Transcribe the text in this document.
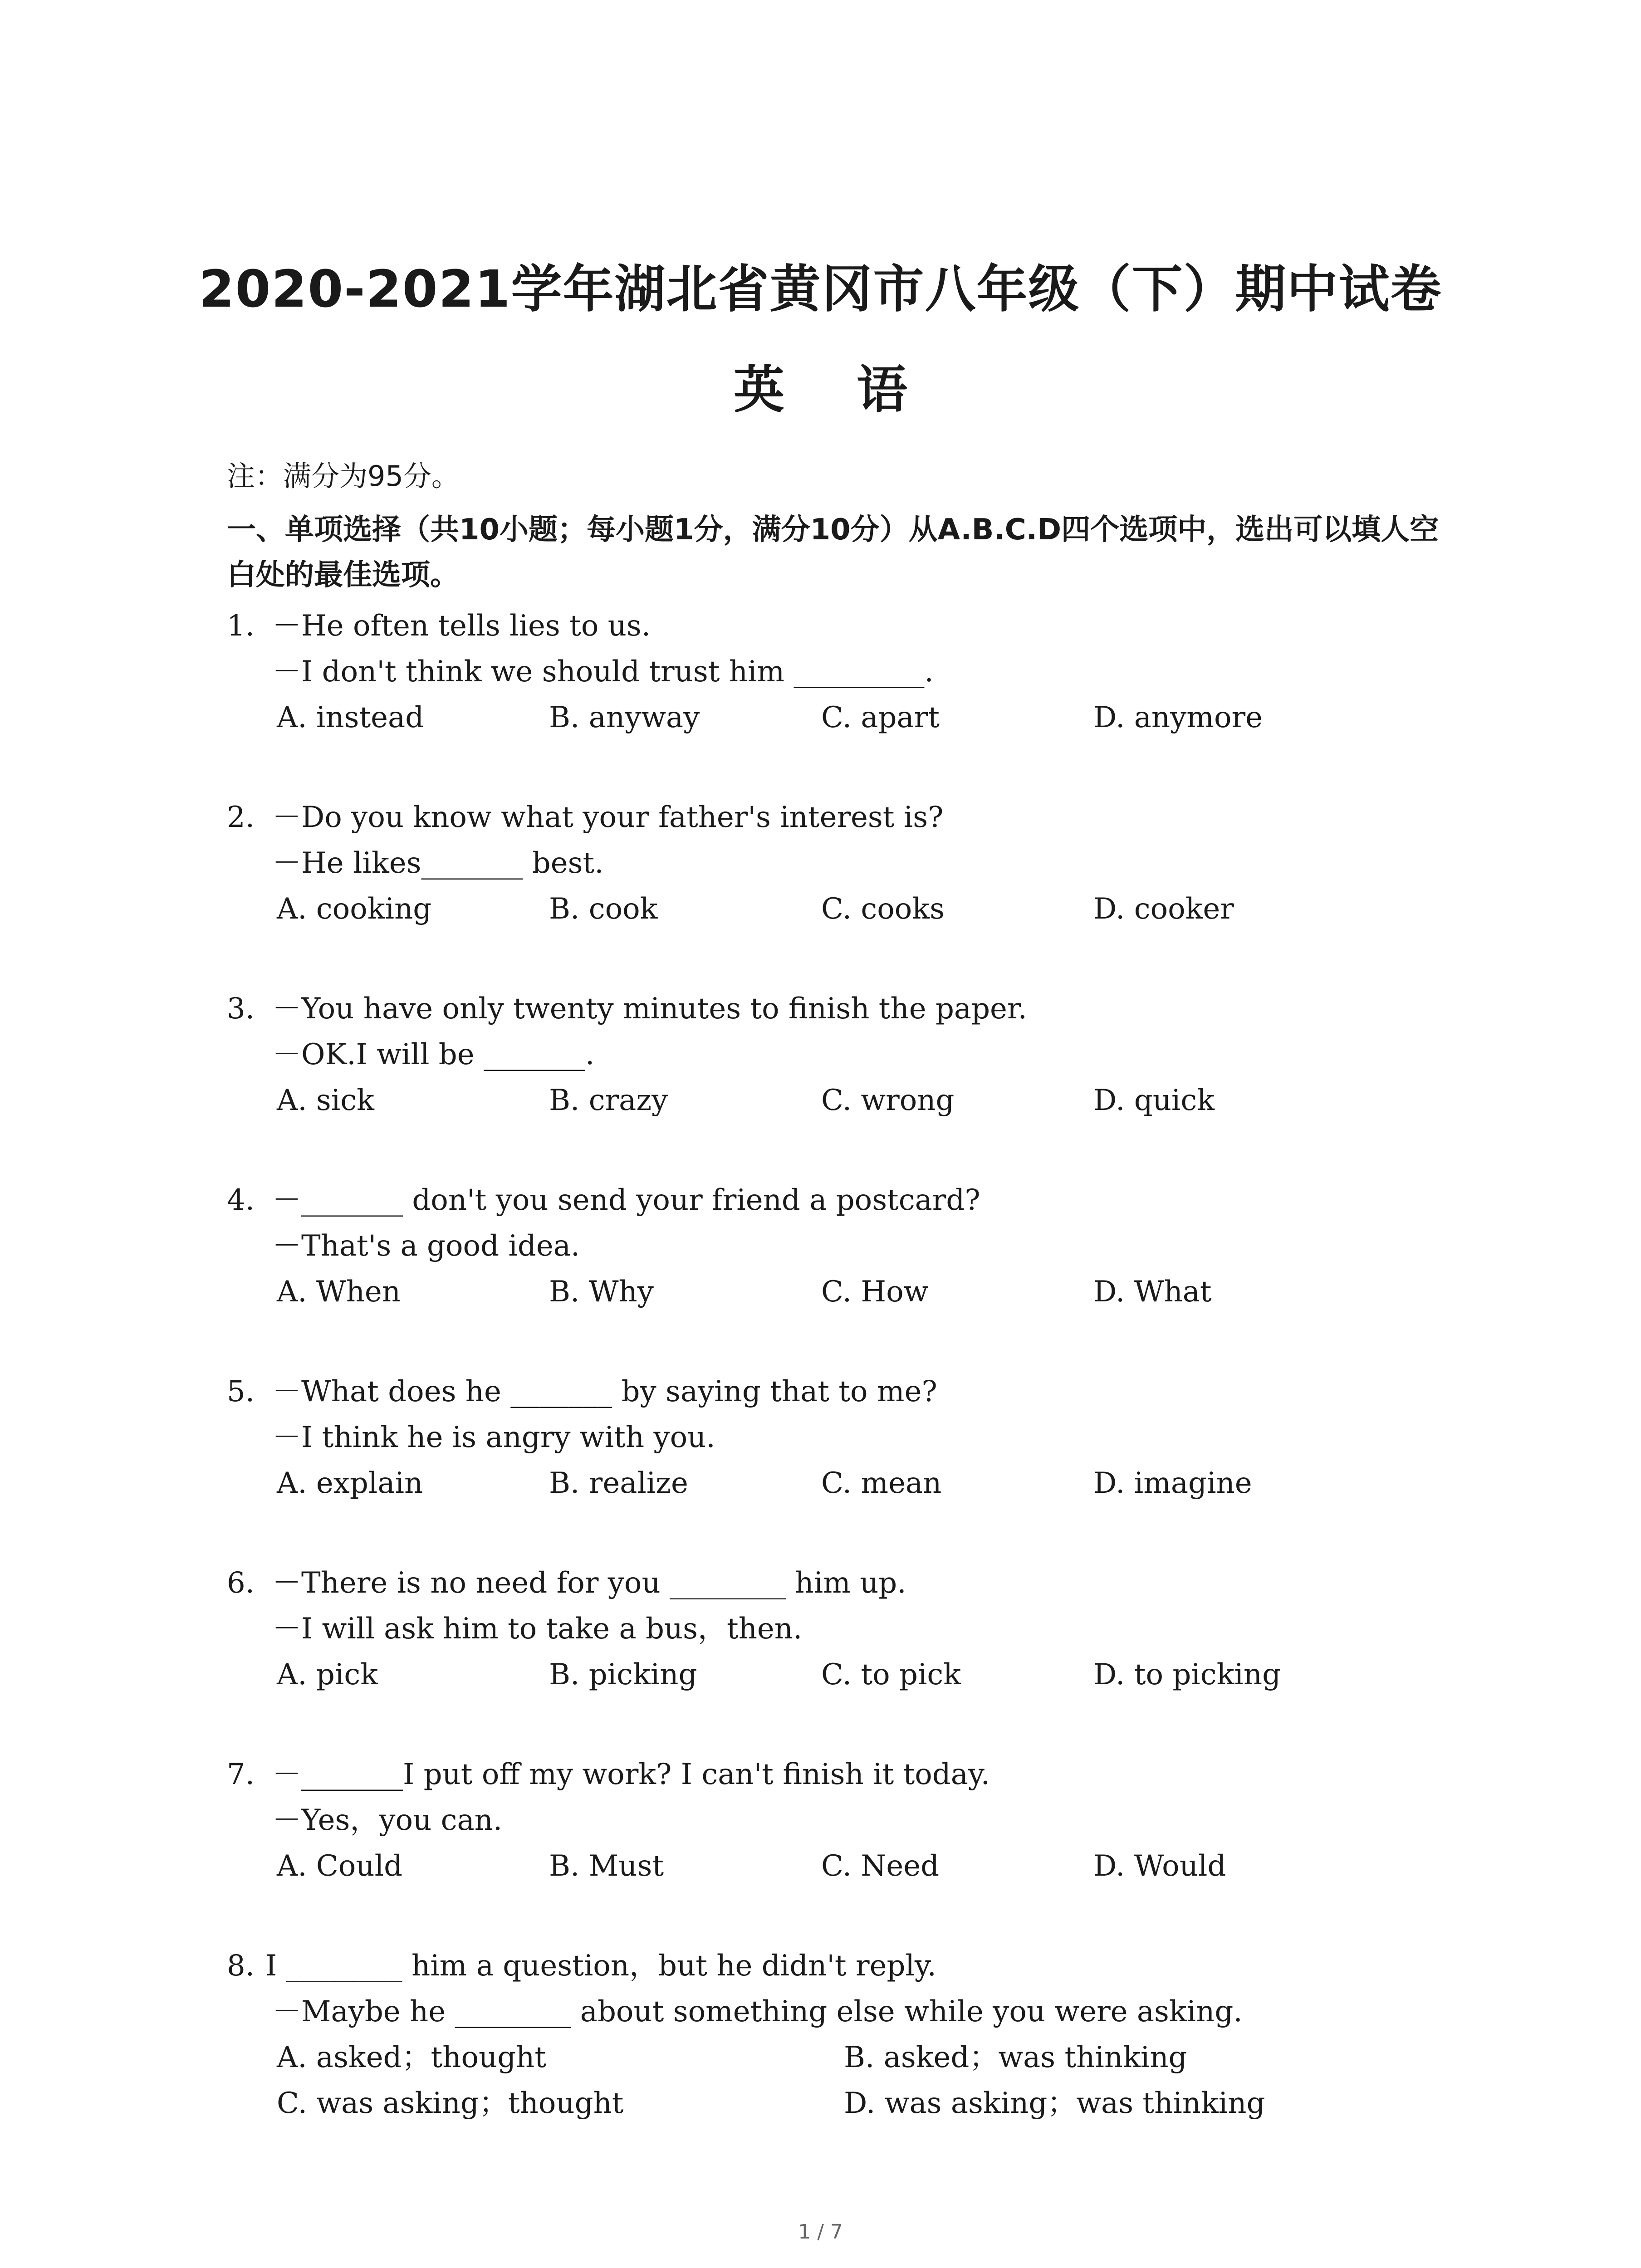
2020-2021学年湖北省黄冈市八年级（下）期中试卷
英 语
注：满分为95分。
一、单项选择（共10小题；每小题1分，满分10分）从A.B.C.D四个选项中，选出可以填人空白处的最佳选项。
1. －He often tells lies to us.
－I don't think we should trust him _________.
A. instead	B. anyway	C. apart	D. anymore
2. －Do you know what your father's interest is?
－He likes_______ best.
A. cooking	B. cook	C. cooks	D. cooker
3. －You have only twenty minutes to finish the paper.
－OK.I will be _______.
A. sick	B. crazy	C. wrong	D. quick
4. －_______ don't you send your friend a postcard?
－That's a good idea.
A. When	B. Why	C. How	D. What
5. －What does he _______ by saying that to me?
－I think he is angry with you.
A. explain	B. realize	C. mean	D. imagine
6. －There is no need for you ________ him up.
－I will ask him to take a bus，then.
A. pick	B. picking	C. to pick	D. to picking
7. －_______I put off my work? I can't finish it today.
－Yes，you can.
A. Could	B. Must	C. Need	D. Would
8. I ________ him a question，but he didn't reply.
－Maybe he ________ about something else while you were asking.
A. asked；thought	B. asked；was thinking
C. was asking；thought	D. was asking；was thinking
1 / 7
